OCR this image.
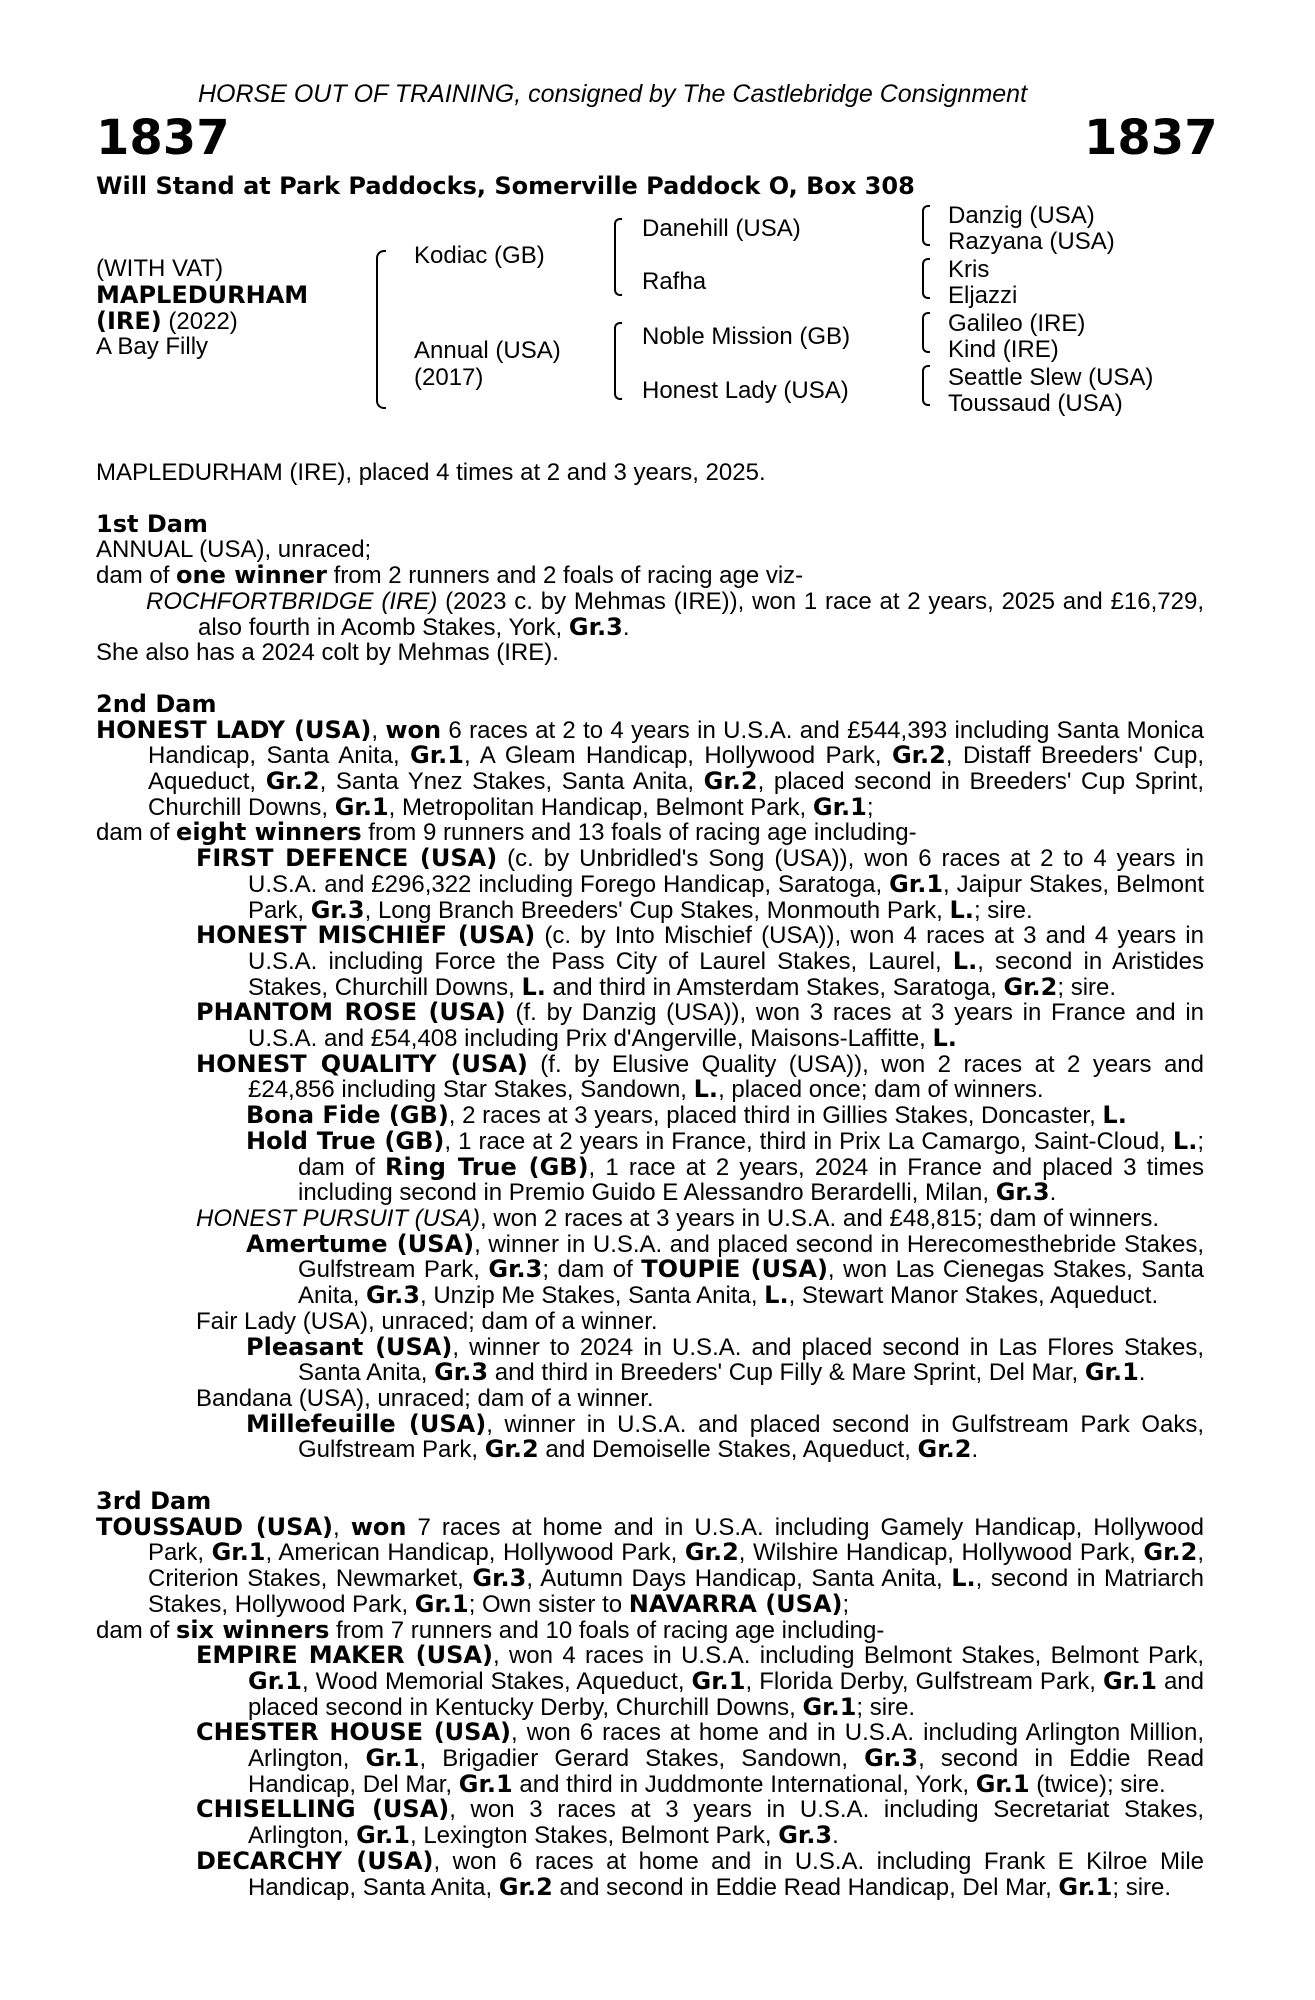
HORSE OUT OF TRAINING, consigned by The Castlebridge Consignment
1837	1837
Will Stand at Park Paddocks, Somerville Paddock O, Box 308
(WITH VAT)
MAPLEDURHAM
(IRE) (2022)
A Bay Filly
Kodiac (GB)
Annual (USA)
(2017)
Danehill (USA)
Rafha
Noble Mission (GB)
Honest Lady (USA)
Danzig (USA)
Razyana (USA)
Kris
Eljazzi
Galileo (IRE)
Kind (IRE)
Seattle Slew (USA)
Toussaud (USA)

MAPLEDURHAM (IRE), placed 4 times at 2 and 3 years, 2025.

1st Dam

ANNUAL (USA), unraced;

dam of one winner from 2 runners and 2 foals of racing age viz-

ROCHFORTBRIDGE (IRE) (2023 c. by Mehmas (IRE)), won 1 race at 2 years, 2025 and £16,729, also fourth in Acomb Stakes, York, Gr.3.

She also has a 2024 colt by Mehmas (IRE).

2nd Dam

HONEST LADY (USA), won 6 races at 2 to 4 years in U.S.A. and £544,393 including Santa Monica Handicap, Santa Anita, Gr.1, A Gleam Handicap, Hollywood Park, Gr.2, Distaff Breeders' Cup, Aqueduct, Gr.2, Santa Ynez Stakes, Santa Anita, Gr.2, placed second in Breeders' Cup Sprint, Churchill Downs, Gr.1, Metropolitan Handicap, Belmont Park, Gr.1;

dam of eight winners from 9 runners and 13 foals of racing age including-

FIRST DEFENCE (USA) (c. by Unbridled's Song (USA)), won 6 races at 2 to 4 years in U.S.A. and £296,322 including Forego Handicap, Saratoga, Gr.1, Jaipur Stakes, Belmont Park, Gr.3, Long Branch Breeders' Cup Stakes, Monmouth Park, L.; sire.

HONEST MISCHIEF (USA) (c. by Into Mischief (USA)), won 4 races at 3 and 4 years in U.S.A. including Force the Pass City of Laurel Stakes, Laurel, L., second in Aristides Stakes, Churchill Downs, L. and third in Amsterdam Stakes, Saratoga, Gr.2; sire.

PHANTOM ROSE (USA) (f. by Danzig (USA)), won 3 races at 3 years in France and in U.S.A. and £54,408 including Prix d'Angerville, Maisons-Laffitte, L.

HONEST QUALITY (USA) (f. by Elusive Quality (USA)), won 2 races at 2 years and £24,856 including Star Stakes, Sandown, L., placed once; dam of winners.

Bona Fide (GB), 2 races at 3 years, placed third in Gillies Stakes, Doncaster, L.

Hold True (GB), 1 race at 2 years in France, third in Prix La Camargo, Saint-Cloud, L.; dam of Ring True (GB), 1 race at 2 years, 2024 in France and placed 3 times including second in Premio Guido E Alessandro Berardelli, Milan, Gr.3.

HONEST PURSUIT (USA), won 2 races at 3 years in U.S.A. and £48,815; dam of winners.

Amertume (USA), winner in U.S.A. and placed second in Herecomesthebride Stakes, Gulfstream Park, Gr.3; dam of TOUPIE (USA), won Las Cienegas Stakes, Santa Anita, Gr.3, Unzip Me Stakes, Santa Anita, L., Stewart Manor Stakes, Aqueduct.

Fair Lady (USA), unraced; dam of a winner.

Pleasant (USA), winner to 2024 in U.S.A. and placed second in Las Flores Stakes, Santa Anita, Gr.3 and third in Breeders' Cup Filly & Mare Sprint, Del Mar, Gr.1.

Bandana (USA), unraced; dam of a winner.

Millefeuille (USA), winner in U.S.A. and placed second in Gulfstream Park Oaks, Gulfstream Park, Gr.2 and Demoiselle Stakes, Aqueduct, Gr.2.

3rd Dam

TOUSSAUD (USA), won 7 races at home and in U.S.A. including Gamely Handicap, Hollywood Park, Gr.1, American Handicap, Hollywood Park, Gr.2, Wilshire Handicap, Hollywood Park, Gr.2, Criterion Stakes, Newmarket, Gr.3, Autumn Days Handicap, Santa Anita, L., second in Matriarch Stakes, Hollywood Park, Gr.1; Own sister to NAVARRA (USA);

dam of six winners from 7 runners and 10 foals of racing age including-

EMPIRE MAKER (USA), won 4 races in U.S.A. including Belmont Stakes, Belmont Park, Gr.1, Wood Memorial Stakes, Aqueduct, Gr.1, Florida Derby, Gulfstream Park, Gr.1 and placed second in Kentucky Derby, Churchill Downs, Gr.1; sire.

CHESTER HOUSE (USA), won 6 races at home and in U.S.A. including Arlington Million, Arlington, Gr.1, Brigadier Gerard Stakes, Sandown, Gr.3, second in Eddie Read Handicap, Del Mar, Gr.1 and third in Juddmonte International, York, Gr.1 (twice); sire.

CHISELLING (USA), won 3 races at 3 years in U.S.A. including Secretariat Stakes, Arlington, Gr.1, Lexington Stakes, Belmont Park, Gr.3.

DECARCHY (USA), won 6 races at home and in U.S.A. including Frank E Kilroe Mile Handicap, Santa Anita, Gr.2 and second in Eddie Read Handicap, Del Mar, Gr.1; sire.
